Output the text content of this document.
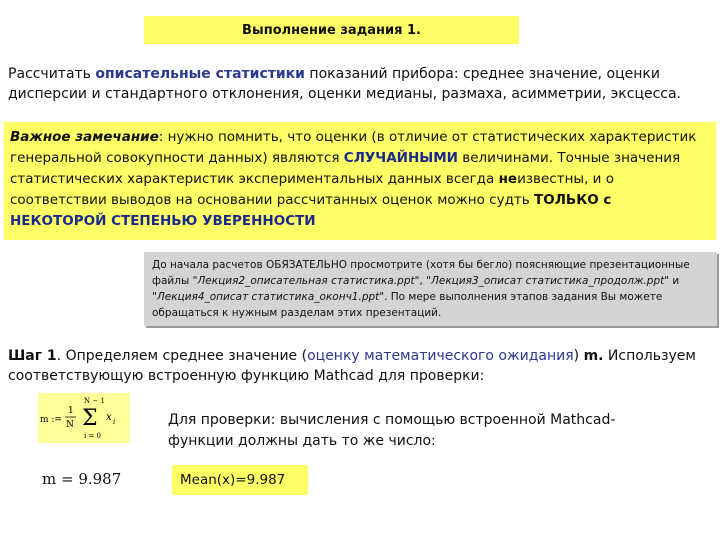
Выполнение задания 1.
Рассчитать описательные статистики показаний прибора: среднее значение, оценки дисперсии и стандартного отклонения, оценки медианы, размаха, асимметрии, эксцесса.
Важное замечание: нужно помнить, что оценки (в отличие от статистических характеристик генеральной совокупности данных) являются СЛУЧАЙНЫМИ величинами. Точные значения статистических характеристик экспериментальных данных всегда неизвестны, и о соответствии выводов на основании рассчитанных оценок можно судть ТОЛЬКО с НЕКОТОРОЙ СТЕПЕНЬЮ УВЕРЕННОСТИ
До начала расчетов ОБЯЗАТЕЛЬНО просмотрите (хотя бы бегло) поясняющие презентационные файлы "Лекция2_описательная статистика.ppt", "Лекция3_описат статистика_продолж.ppt" и "Лекция4_описат статистика_оконч1.ppt". По мере выполнения этапов задания Вы можете обращаться к нужным разделам этих презентаций.
Шаг 1. Определяем среднее значение (оценку математического ожидания) m. Используем соответствующую встроенную функцию Mathcad для проверки:
m :=
1
N
N − 1
Σ
i = 0
x i	Для проверки: вычисления с помощью встроенной Mathcad-функции должны дать то же число:
m = 9.987	Mean(x)=9.987
